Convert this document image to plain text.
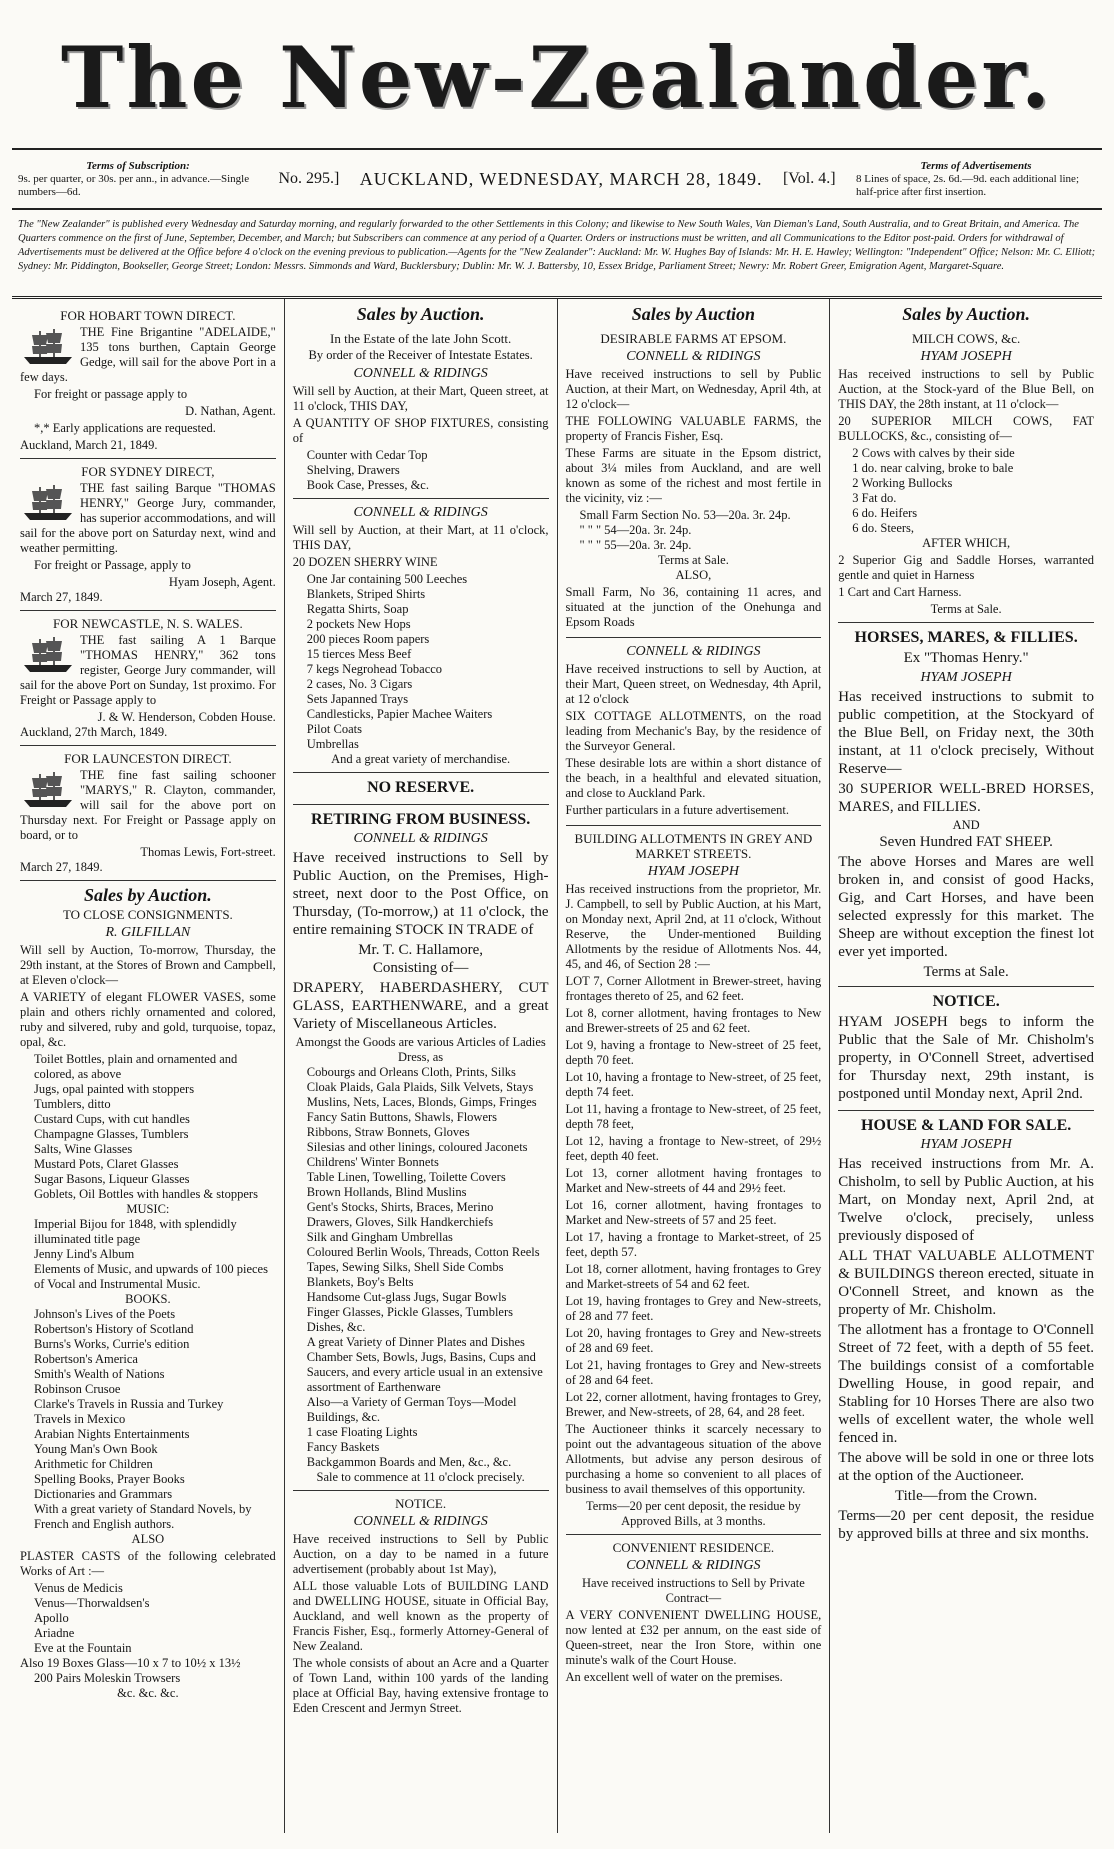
The New-Zealander.
Terms of Subscription:
9s. per quarter, or 30s. per ann., in advance.—Single numbers—6d.
No. 295.] AUCKLAND, WEDNESDAY, MARCH 28, 1849. [Vol. 4.]
Terms of Advertisements
8 Lines of space, 2s. 6d.—9d. each additional line; half-price after first insertion.
The "New Zealander" is published every Wednesday and Saturday morning, and regularly forwarded to the other Settlements in this Colony; and likewise to New South Wales, Van Dieman's Land, South Australia, and to Great Britain, and America. The Quarters commence on the first of June, September, December, and March; but Subscribers can commence at any period of a Quarter. Orders or instructions must be written, and all Communications to the Editor post-paid. Orders for withdrawal of Advertisements must be delivered at the Office before 4 o'clock on the evening previous to publication.—Agents for the "New Zealander": Auckland: Mr. W. Hughes Bay of Islands: Mr. H. E. Hawley; Wellington: "Independent" Office; Nelson: Mr. C. Elliott; Sydney: Mr. Piddington, Bookseller, George Street; London: Messrs. Simmonds and Ward, Bucklersbury; Dublin: Mr. W. J. Battersby, 10, Essex Bridge, Parliament Street; Newry: Mr. Robert Greer, Emigration Agent, Margaret-Square.
FOR HOBART TOWN DIRECT.
THE Fine Brigantine "ADELAIDE," 135 tons burthen, Captain George Gedge, will sail for the above Port in a few days.
For freight or passage apply to
D. Nathan, Agent.
*,* Early applications are requested.
Auckland, March 21, 1849.
FOR SYDNEY DIRECT,
THE fast sailing Barque "THOMAS HENRY," George Jury, commander, has superior accommodations, and will sail for the above port on Saturday next, wind and weather permitting.
For freight or Passage, apply to
Hyam Joseph, Agent.
March 27, 1849.
FOR NEWCASTLE, N. S. WALES.
THE fast sailing A 1 Barque "THOMAS HENRY," 362 tons register, George Jury commander, will sail for the above Port on Sunday, 1st proximo. For Freight or Passage apply to
J. & W. Henderson, Cobden House.
Auckland, 27th March, 1849.
FOR LAUNCESTON DIRECT.
THE fine fast sailing schooner "MARYS," R. Clayton, commander, will sail for the above port on Thursday next. For Freight or Passage apply on board, or to
Thomas Lewis, Fort-street.
March 27, 1849.
Sales by Auction.
TO CLOSE CONSIGNMENTS.
R. GILFILLAN
Will sell by Auction, To-morrow, Thursday, the 29th instant, at the Stores of Brown and Campbell, at Eleven o'clock—
A VARIETY of elegant FLOWER VASES, some plain and others richly ornamented and colored, ruby and silvered, ruby and gold, turquoise, topaz, opal, &c.
Toilet Bottles, plain and ornamented and colored, as above
Jugs, opal painted with stoppers
Tumblers, ditto
Custard Cups, with cut handles
Champagne Glasses, Tumblers
Salts, Wine Glasses
Mustard Pots, Claret Glasses
Sugar Basons, Liqueur Glasses
Goblets, Oil Bottles with handles & stoppers
MUSIC:
Imperial Bijou for 1848, with splendidly illuminated title page
Jenny Lind's Album
Elements of Music, and upwards of 100 pieces of Vocal and Instrumental Music.
BOOKS.
Johnson's Lives of the Poets
Robertson's History of Scotland
Burns's Works, Currie's edition
Robertson's America
Smith's Wealth of Nations
Robinson Crusoe
Clarke's Travels in Russia and Turkey
Travels in Mexico
Arabian Nights Entertainments
Young Man's Own Book
Arithmetic for Children
Spelling Books, Prayer Books
Dictionaries and Grammars
With a great variety of Standard Novels, by French and English authors.
ALSO
PLASTER CASTS of the following celebrated Works of Art :—
Venus de Medicis
Venus—Thorwaldsen's
Apollo
Ariadne
Eve at the Fountain
Also 19 Boxes Glass—10 x 7 to 10½ x 13½
200 Pairs Moleskin Trowsers
&c. &c. &c.
Sales by Auction.
In the Estate of the late John Scott.
By order of the Receiver of Intestate Estates.
CONNELL & RIDINGS
Will sell by Auction, at their Mart, Queen street, at 11 o'clock, THIS DAY,
A QUANTITY OF SHOP FIXTURES, consisting of
Counter with Cedar Top
Shelving, Drawers
Book Case, Presses, &c.
CONNELL & RIDINGS
Will sell by Auction, at their Mart, at 11 o'clock, THIS DAY,
20 DOZEN SHERRY WINE
One Jar containing 500 Leeches
Blankets, Striped Shirts
Regatta Shirts, Soap
2 pockets New Hops
200 pieces Room papers
15 tierces Mess Beef
7 kegs Negrohead Tobacco
2 cases, No. 3 Cigars
Sets Japanned Trays
Candlesticks, Papier Machee Waiters
Pilot Coats
Umbrellas
And a great variety of merchandise.
NO RESERVE.
RETIRING FROM BUSINESS.
CONNELL & RIDINGS
Have received instructions to Sell by Public Auction, on the Premises, High-street, next door to the Post Office, on Thursday, (To-morrow,) at 11 o'clock, the entire remaining STOCK IN TRADE of
Mr. T. C. Hallamore,
Consisting of—
DRAPERY, HABERDASHERY, CUT GLASS, EARTHENWARE, and a great Variety of Miscellaneous Articles.
Amongst the Goods are various Articles of Ladies Dress, as
Cobourgs and Orleans Cloth, Prints, Silks
Cloak Plaids, Gala Plaids, Silk Velvets, Stays
Muslins, Nets, Laces, Blonds, Gimps, Fringes
Fancy Satin Buttons, Shawls, Flowers
Ribbons, Straw Bonnets, Gloves
Silesias and other linings, coloured Jaconets
Childrens' Winter Bonnets
Table Linen, Towelling, Toilette Covers
Brown Hollands, Blind Muslins
Gent's Stocks, Shirts, Braces, Merino
Drawers, Gloves, Silk Handkerchiefs
Silk and Gingham Umbrellas
Coloured Berlin Wools, Threads, Cotton Reels
Tapes, Sewing Silks, Shell Side Combs
Blankets, Boy's Belts
Handsome Cut-glass Jugs, Sugar Bowls
Finger Glasses, Pickle Glasses, Tumblers
Dishes, &c.
A great Variety of Dinner Plates and Dishes
Chamber Sets, Bowls, Jugs, Basins, Cups and Saucers, and every article usual in an extensive assortment of Earthenware
Also—a Variety of German Toys—Model Buildings, &c.
1 case Floating Lights
Fancy Baskets
Backgammon Boards and Men, &c., &c.
Sale to commence at 11 o'clock precisely.
NOTICE.
CONNELL & RIDINGS
Have received instructions to Sell by Public Auction, on a day to be named in a future advertisement (probably about 1st May),
ALL those valuable Lots of BUILDING LAND and DWELLING HOUSE, situate in Official Bay, Auckland, and well known as the property of Francis Fisher, Esq., formerly Attorney-General of New Zealand.
The whole consists of about an Acre and a Quarter of Town Land, within 100 yards of the landing place at Official Bay, having extensive frontage to Eden Crescent and Jermyn Street.
Sales by Auction
DESIRABLE FARMS AT EPSOM.
CONNELL & RIDINGS
Have received instructions to sell by Public Auction, at their Mart, on Wednesday, April 4th, at 12 o'clock—
THE FOLLOWING VALUABLE FARMS, the property of Francis Fisher, Esq.
These Farms are situate in the Epsom district, about 3¼ miles from Auckland, and are well known as some of the richest and most fertile in the vicinity, viz :—
Small Farm Section No. 53—20a. 3r. 24p.
" " " 54—20a. 3r. 24p.
" " " 55—20a. 3r. 24p.
Terms at Sale.
ALSO,
Small Farm, No 36, containing 11 acres, and situated at the junction of the Onehunga and Epsom Roads
CONNELL & RIDINGS
Have received instructions to sell by Auction, at their Mart, Queen street, on Wednesday, 4th April, at 12 o'clock
SIX COTTAGE ALLOTMENTS, on the road leading from Mechanic's Bay, by the residence of the Surveyor General.
These desirable lots are within a short distance of the beach, in a healthful and elevated situation, and close to Auckland Park.
Further particulars in a future advertisement.
BUILDING ALLOTMENTS IN GREY AND MARKET STREETS.
HYAM JOSEPH
Has received instructions from the proprietor, Mr. J. Campbell, to sell by Public Auction, at his Mart, on Monday next, April 2nd, at 11 o'clock, Without Reserve, the Under-mentioned Building Allotments by the residue of Allotments Nos. 44, 45, and 46, of Section 28 :—
LOT 7, Corner Allotment in Brewer-street, having frontages thereto of 25, and 62 feet.
Lot 8, corner allotment, having frontages to New and Brewer-streets of 25 and 62 feet.
Lot 9, having a frontage to New-street of 25 feet, depth 70 feet.
Lot 10, having a frontage to New-street, of 25 feet, depth 74 feet.
Lot 11, having a frontage to New-street, of 25 feet, depth 78 feet,
Lot 12, having a frontage to New-street, of 29½ feet, depth 40 feet.
Lot 13, corner allotment having frontages to Market and New-streets of 44 and 29½ feet.
Lot 16, corner allotment, having frontages to Market and New-streets of 57 and 25 feet.
Lot 17, having a frontage to Market-street, of 25 feet, depth 57.
Lot 18, corner allotment, having frontages to Grey and Market-streets of 54 and 62 feet.
Lot 19, having frontages to Grey and New-streets, of 28 and 77 feet.
Lot 20, having frontages to Grey and New-streets of 28 and 69 feet.
Lot 21, having frontages to Grey and New-streets of 28 and 64 feet.
Lot 22, corner allotment, having frontages to Grey, Brewer, and New-streets, of 28, 64, and 28 feet.
The Auctioneer thinks it scarcely necessary to point out the advantageous situation of the above Allotments, but advise any person desirous of purchasing a home so convenient to all places of business to avail themselves of this opportunity.
Terms—20 per cent deposit, the residue by Approved Bills, at 3 months.
CONVENIENT RESIDENCE.
CONNELL & RIDINGS
Have received instructions to Sell by Private Contract—
A VERY CONVENIENT DWELLING HOUSE, now lented at £32 per annum, on the east side of Queen-street, near the Iron Store, within one minute's walk of the Court House.
An excellent well of water on the premises.
Sales by Auction.
MILCH COWS, &c.
HYAM JOSEPH
Has received instructions to sell by Public Auction, at the Stock-yard of the Blue Bell, on THIS DAY, the 28th instant, at 11 o'clock—
20 SUPERIOR MILCH COWS, FAT BULLOCKS, &c., consisting of—
2 Cows with calves by their side
1 do. near calving, broke to bale
2 Working Bullocks
3 Fat do.
6 do. Heifers
6 do. Steers,
AFTER WHICH,
2 Superior Gig and Saddle Horses, warranted gentle and quiet in Harness
1 Cart and Cart Harness.
Terms at Sale.
HORSES, MARES, & FILLIES.
Ex "Thomas Henry."
HYAM JOSEPH
Has received instructions to submit to public competition, at the Stockyard of the Blue Bell, on Friday next, the 30th instant, at 11 o'clock precisely, Without Reserve—
30 SUPERIOR WELL-BRED HORSES, MARES, and FILLIES.
AND
Seven Hundred FAT SHEEP.
The above Horses and Mares are well broken in, and consist of good Hacks, Gig, and Cart Horses, and have been selected expressly for this market. The Sheep are without exception the finest lot ever yet imported.
Terms at Sale.
NOTICE.
HYAM JOSEPH begs to inform the Public that the Sale of Mr. Chisholm's property, in O'Connell Street, advertised for Thursday next, 29th instant, is postponed until Monday next, April 2nd.
HOUSE & LAND FOR SALE.
HYAM JOSEPH
Has received instructions from Mr. A. Chisholm, to sell by Public Auction, at his Mart, on Monday next, April 2nd, at Twelve o'clock, precisely, unless previously disposed of
ALL THAT VALUABLE ALLOTMENT & BUILDINGS thereon erected, situate in O'Connell Street, and known as the property of Mr. Chisholm.
The allotment has a frontage to O'Connell Street of 72 feet, with a depth of 55 feet. The buildings consist of a comfortable Dwelling House, in good repair, and Stabling for 10 Horses There are also two wells of excellent water, the whole well fenced in.
The above will be sold in one or three lots at the option of the Auctioneer.
Title—from the Crown.
Terms—20 per cent deposit, the residue by approved bills at three and six months.
